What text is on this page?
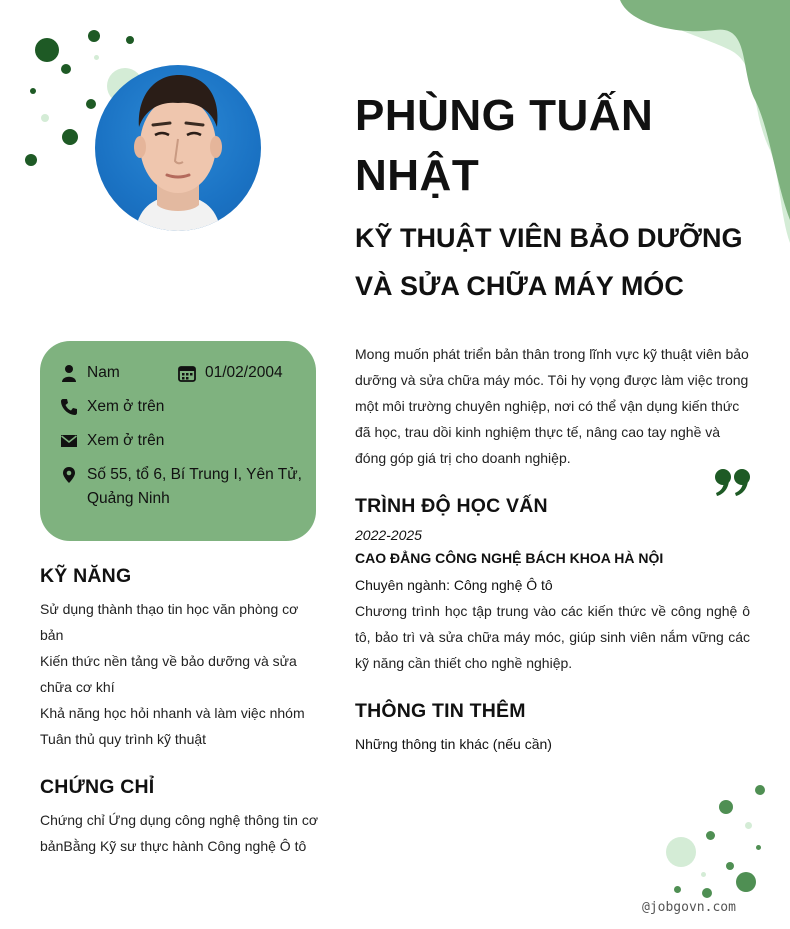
PHÙNG TUẤN NHẬT
KỸ THUẬT VIÊN BẢO DƯỠNG VÀ SỬA CHỮA MÁY MÓC
Nam	01/02/2004
Xem ở trên
Xem ở trên
Số 55, tổ 6, Bí Trung I, Yên Tử, Quảng Ninh
KỸ NĂNG
Sử dụng thành thạo tin học văn phòng cơ bản
Kiến thức nền tảng về bảo dưỡng và sửa chữa cơ khí
Khả năng học hỏi nhanh và làm việc nhóm
Tuân thủ quy trình kỹ thuật
CHỨNG CHỈ
Chứng chỉ Ứng dụng công nghệ thông tin cơ bảnBằng Kỹ sư thực hành Công nghệ Ô tô
Mong muốn phát triển bản thân trong lĩnh vực kỹ thuật viên bảo dưỡng và sửa chữa máy móc. Tôi hy vọng được làm việc trong một môi trường chuyên nghiệp, nơi có thể vận dụng kiến thức đã học, trau dồi kinh nghiệm thực tế, nâng cao tay nghề và đóng góp giá trị cho doanh nghiệp.
TRÌNH ĐỘ HỌC VẤN
2022-2025
CAO ĐẲNG CÔNG NGHỆ BÁCH KHOA HÀ NỘI
Chuyên ngành: Công nghệ Ô tô
Chương trình học tập trung vào các kiến thức về công nghệ ô tô, bảo trì và sửa chữa máy móc, giúp sinh viên nắm vững các kỹ năng cần thiết cho nghề nghiệp.
THÔNG TIN THÊM
Những thông tin khác (nếu cần)
@jobgovn.com
